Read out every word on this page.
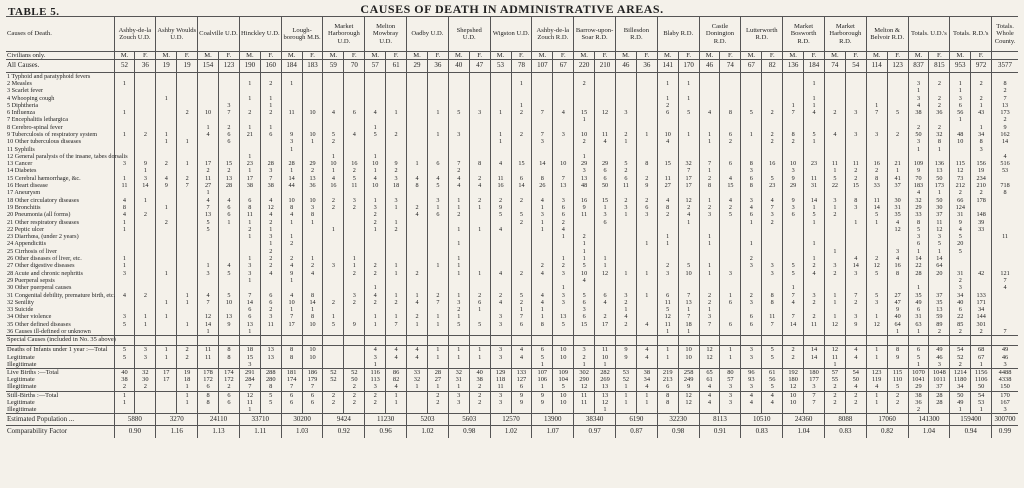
TABLE 5.	CAUSES OF DEATH IN ADMINISTRATIVE AREAS.
Causes of Death.	Ashby-de-la Zouch U.D.		Ashby Woulds U.D.		Coalville U.D.		Hinckley U.D.		Lough-borough M.B.		Market Harborough U.D.		Melton Mowbray U.D.		Oadby U.D.		Shepshed U.D.		Wigston U.D.		Ashby-de-la Zouch R.D.		Barrow-upon-Soar R.D.		Billesdon R.D.		Blaby R.D.		Castle Donington R.D.		Lutterworth R.D.		Market Bosworth R.D.		Market Harborough R.D.		Melton & Belvoir R.D.		Totals. U.D.'s		Totals. R.D.'s		Totals. Whole County.
Civilians only.	M.	F.	M.	F.	M.	F.	M.	F.	M.	F.	M.	F.	M.	F.	M.	F.	M.	F.	M.	F.	M.	F.	M.	F.	M.	F.	M.	F.	M.	F.	M.	F.	M.	F.	M.	F.	M.	F.	M.	F.	M.	F.	
All Causes.	52	36	19	19	154	123	190	160	184	183	59	70	57	61	29	36	40	47	53	78	107	67	220	210	46	36	141	170	46	74	67	82	136	184	74	54	114	123	837	815	953	972	3577
1 Typhoid and paratyphoid fevers																																											
2 Measles	1						1	2	1											1			2				1	1						1					3	2	1	2	8
3 Scarlet fever																																							1		1		2
4 Whooping cough			1				1	1																			1	1						1					3	2	3	2	7
5 Diphtheria						3		1												1							2						1	1			1		4	2	6	1	13
6 Influenza	1			2	10	7	2	2	11	10	4	6	4	1		1	5	3	1	2	7	4	15	12	3		6	5	4	8	5	2	7	4	2	3	7	5	38	36	56	43	173
7 Encephalitis lethargica																							1																		1		2
8 Cerebro-spinal fever					1	2	1	1					1																										2	2		1	9
9 Tuberculosis of respiratory system	1	2	1		4	6	21	6	9	10	5	4	5	2		1	3		1	2	7	3	10	11	2	1	10	1	1	6	1	2	8	5	4	3	3	2	50	32	48	34	162
10 Other tuberculous diseases			1	1		6			3	1	2								1		3		2	4	1		4		1	2		2	2	1					3	8	10	8	14
11 Syphilis									1																														1	1		3	
12 General paralysis of the insane, tabes dorsalis							1				1		1										1																				4
13 Cancer	3	9	2	1	17	15	23	28	28	29	10	16	10	9	1	6	7	8	4	15	14	10	29	29	5	8	15	32	7	6	8	16	10	23	11	11	16	21	109	136	115	156	516
14 Diabetes		1			2	2	1	3	1	2	1	2	1	2			2						3	6	2			7	1		3		3		1	2	2	1	9	13	12	19	53
15 Cerebral hæmorrhage, &c.	1	3	4	2	11	13	17	7	14	13	4	5	4	3	4	4	4	2	11	6	8	7	13	6	6	2	11	17	2	4	6	5	9	11	5	2	8	41	70	50	73	234	
16 Heart disease	11	14	9	7	27	28	38	38	44	36	16	11	10	18	8	5	4	4	16	14	26	13	48	50	11	9	27	17	8	15	8	23	29	31	22	15	33	37	183	173	212	210	718
17 Aneurysm					1																																		4	1	2	2	8
18 Other circulatory diseases	4	1			4	4	6	4	10	10	2	3	1	3		3	1	2	2	2	4	3	16	15	2	2	4	12	1	4	3	4	9	14	3	8	11	30	32	50	66	178	
19 Bronchitis	8		1		7	6	8	12	8	3	2	2	3	1	2	1	1	1	9		1	6	9	1	3	6	8	2	2	2	4	7	3	1	1	3	14	31	29	30	124		
20 Pneumonia (all forms)	4	2			13	6	11	4	4	8			2		4	6	2		5	5	3	6	11	3	1	3	2	4	3	5	6	3	6	5	2		5	35	33	37	31	148	
21 Other respiratory diseases	1		2		5	1	1	2	1	1			2	1						2	1	2		6				1			1	2		1		1	1	4	8	11	9	39	
22 Peptic ulcer	1				5		2	1			1		1	2			1	1	4		1	4																12	5	12	4	33	
23 Diarrhœa, (under 2 years)							1	3	1													1	2				1		1										3	3	5		11
24 Appendicitis								1	2								1						1			1	1		1		1			1					6	5	20		
25 Cirrhosis of liver								2															1												1			3	1	1	5		
26 Other diseases of liver, etc.	1						1	2	2	1		1					1					1	1	1							2			1		4	2	4	14	14			
27 Other digestive diseases	1				1	4	3	2	4	2	3	1	2	1		1	1				2	2	5	1			2	5	1		3	3	5	2	3	14	12	16	22	64			
28 Acute and chronic nephritis	3		1		3	5	3	4	9	4		2	2	1	2		1	1	4	2	4	3	10	12	1	1	3	10	1	3		3	5	4	2	3	5	8	28	20	31	42	121
29 Puerperal sepsis							1		1														4																		2		7
30 Other puerperal causes													1									1											1						1		3		4
31 Congenital debility, premature birth, etc.	4	2		1	4	5	7	6	4	8		3	4	1	1	2	1	2	2	5	4	3	5	6	3	1	6	7	2	1	2	8	7	3	1	7	5	27	35	37	34	133	
32 Senility			1	1	7	10	14	6	10	14	2	2	2	2	4	7	3	6	4	2	4	3	6	4	2		11	13	2	6	3	8	4	2	1	2	3	47	49	35	40	171	
33 Suicide							6	2	1	1							2	1		1	1		3		1		5	1	1									9	6	13	6	34	
34 Other violence	3	1	1		12	13	6	3	7	8	1		1	1	2	1	1		3	7	1	13	6	2	4		12	7	3		6	11	7	2	1	3	1	40	31	59	22	144	
35 Other defined diseases	5	1		1	14	9	13	11	17	10	5	9	1	7	1	1	5	5	3	6	8	5	15	17	2	4	11	18	7	6	6	7	14	11	12	9	12	64	63	89	85	301	
36 Causes ill-defined or unknown					1		1																				1	1										1	1	2	2	2	7
Special Causes (included in No. 35 above)																																											
Deaths of Infants under 1 year :—Total	5	3	1	2	11	8	18	13	8	10			4	4	4	1	1	1	3	4	6	10	3	11	9	4	1	10	12	1	3	5	2	14	12	4	1	8	6	49	54	68	49
Legitimate	5	3	1	2	11	8	15	13	8	10			3	4	4	1	1	1	3	4	5	10	2	10	9	4	1	10	12	1	3	5	2	14	11	4	1	9	5	46	52	67	46
Illegitimate							3						1								1		1	1											1				1	3	2	1	3
Live Births :—Total	40	32	17	19	178	174	291	288	181	186	52	52	116	86	33	28	32	40	129	133	107	109	302	282	53	38	219	258	65	80	96	61	192	180	57	54	123	115	1070	1048	1214	1156	4488
Legitimate	38	30	17	18	172	172	284	280	174	179	52	50	113	82	32	27	31	38	118	127	106	104	290	269	52	34	213	249	61	57	93	56	180	177	55	50	119	110	1041	1011	1180	1106	4338
Illegitimate	2	2		1	6	2	7	8	7	7		2	3	4	1	1	1	2	11	6	1	5	12	13	1	4	6	9	4	3	3	5	12	3	2	4	4	5	29	37	34	50	150
Still-Births :—Total	1			1	8	6	12	5	6	6	2	2	2	1		2	3	2	3	9	9	10	11	13	1	1	8	12	4	3	4	4	10	7	2	2	1	2	38	28	50	54	170
Legitimate	1			1	8	6	11	5	6	6	2	2	2	1		2	3	2	3	9	9	10	11	12	1	1	8	12	4	3	4	4	10	7	2	2	1	2	36	28	49	53	167
Illegitimate							1																	1															2		1	1	3
Estimated Population ...	5880		3270		24110		33710		30200		9424		11230		5203		5603		12570		13900		38340		6190		32230		8113		10510		24360		8088		17060		141300		159400		300700
Comparability Factor	0.90		1.16		1.13		1.11		1.03		0.92		0.96		1.02		0.98		1.02		1.07		0.97		0.87		0.98		0.91		0.83		1.04		0.83		0.82		1.04		0.94		0.99
